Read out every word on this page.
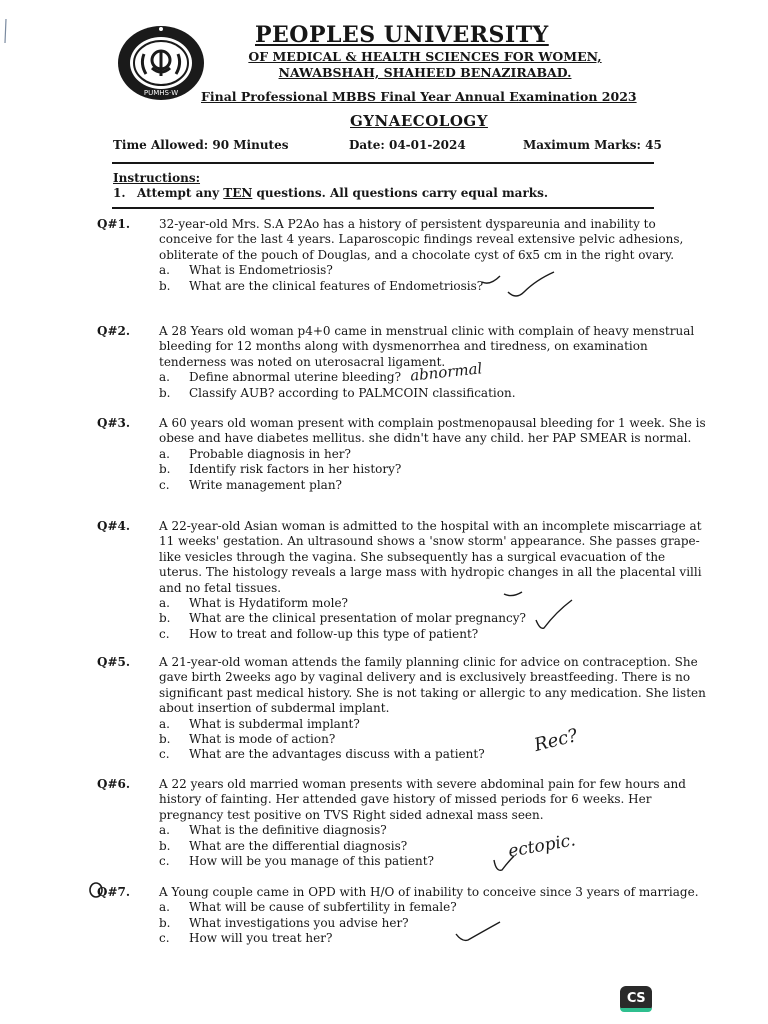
PUMHS·W
PEOPLES UNIVERSITY
OF MEDICAL & HEALTH SCIENCES FOR WOMEN,
NAWABSHAH, SHAHEED BENAZIRABAD.
Final Professional MBBS Final Year Annual Examination 2023
GYNAECOLOGY
Time Allowed: 90 Minutes	Date: 04-01-2024	Maximum Marks: 45
Instructions:
1. Attempt any TEN questions. All questions carry equal marks.
Q#1. 32-year-old Mrs. S.A P2Ao has a history of persistent dyspareunia and inability to conceive for the last 4 years. Laparoscopic findings reveal extensive pelvic adhesions, obliterate of the pouch of Douglas, and a chocolate cyst of 6x5 cm in the right ovary.

a.	What is Endometriosis?
b.	What are the clinical features of Endometriosis?
Q#2. A 28 Years old woman p4+0 came in menstrual clinic with complain of heavy menstrual bleeding for 12 months along with dysmenorrhea and tiredness, on examination tenderness was noted on uterosacral ligament.

a.	Define abnormal uterine bleeding?
b.	Classify AUB? according to PALMCOIN classification.
Q#3. A 60 years old woman present with complain postmenopausal bleeding for 1 week. She is obese and have diabetes mellitus. she didn't have any child. her PAP SMEAR is normal.

a.	Probable diagnosis in her?
b.	Identify risk factors in her history?
c.	Write management plan?
Q#4. A 22-year-old Asian woman is admitted to the hospital with an incomplete miscarriage at 11 weeks' gestation. An ultrasound shows a 'snow storm' appearance. She passes grape-like vesicles through the vagina. She subsequently has a surgical evacuation of the uterus. The histology reveals a large mass with hydropic changes in all the placental villi and no fetal tissues.

a.	What is Hydatiform mole?
b.	What are the clinical presentation of molar pregnancy?
c.	How to treat and follow-up this type of patient?
Q#5. A 21-year-old woman attends the family planning clinic for advice on contraception. She gave birth 2weeks ago by vaginal delivery and is exclusively breastfeeding. There is no significant past medical history. She is not taking or allergic to any medication. She listen about insertion of subdermal implant.

a.	What is subdermal implant?
b.	What is mode of action?
c.	What are the advantages discuss with a patient?
Q#6. A 22 years old married woman presents with severe abdominal pain for few hours and history of fainting. Her attended gave history of missed periods for 6 weeks. Her pregnancy test positive on TVS Right sided adnexal mass seen.

a.	What is the definitive diagnosis?
b.	What are the differential diagnosis?
c.	How will be you manage of this patient?
Q#7. A Young couple came in OPD with H/O of inability to conceive since 3 years of marriage.

a.	What will be cause of subfertility in female?
b.	What investigations you advise her?
c.	How will you treat her?
abnormal
Rec?
ectopic.
CS
